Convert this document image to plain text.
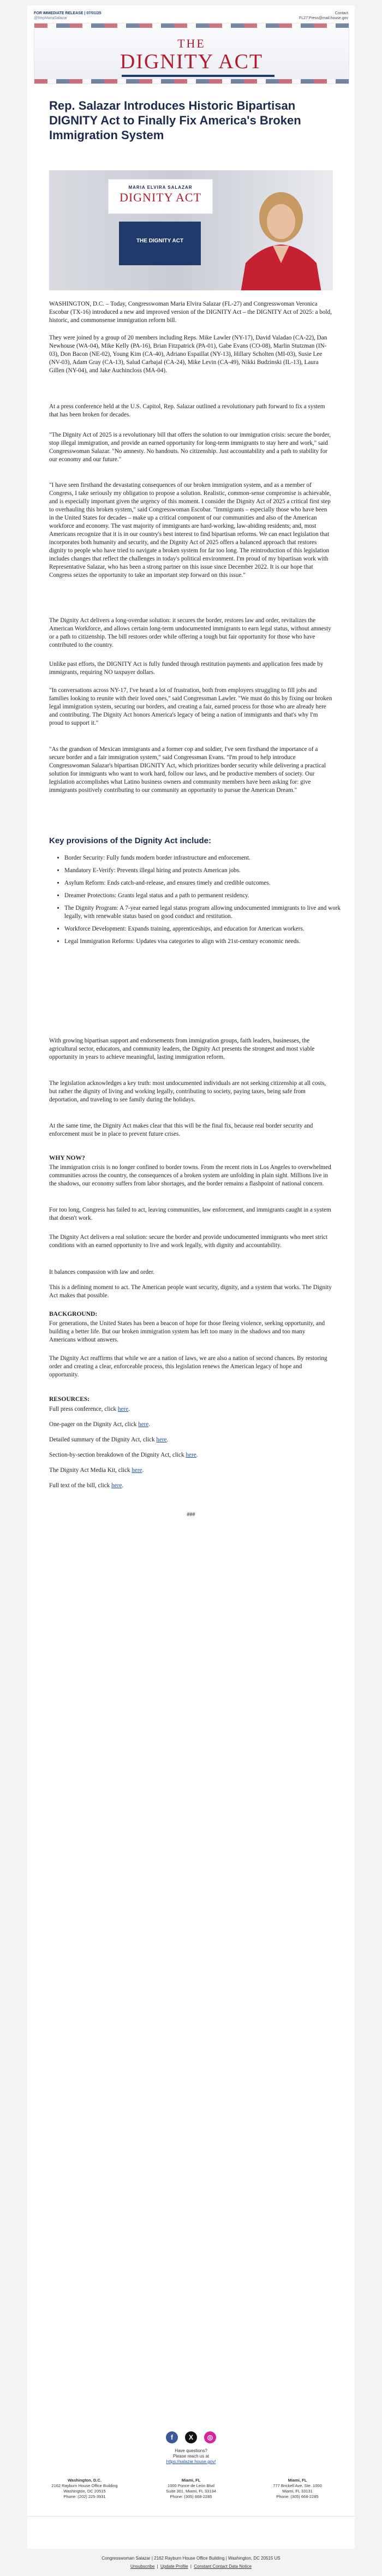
FOR IMMEDIATE RELEASE | 07/01/25
@RepMariaSalazar
Contact
FL27.Press@mail.house.gov
THE
DIGNITY ACT
Rep. Salazar Introduces Historic Bipartisan DIGNITY Act to Finally Fix America's Broken Immigration System
MARIA ELVIRA SALAZAR
DIGNITY ACT
THE DIGNITY ACT

WASHINGTON, D.C. – Today, Congresswoman Maria Elvira Salazar (FL-27) and Congresswoman Veronica Escobar (TX-16) introduced a new and improved version of the DIGNITY Act – the DIGNITY Act of 2025: a bold, historic, and commonsense immigration reform bill.

They were joined by a group of 20 members including Reps. Mike Lawler (NY-17), David Valadao (CA-22), Dan Newhouse (WA-04), Mike Kelly (PA-16), Brian Fitzpatrick (PA-01), Gabe Evans (CO-08), Marlin Stutzman (IN-03), Don Bacon (NE-02), Young Kim (CA-40), Adriano Espaillat (NY-13), Hillary Scholten (MI-03), Susie Lee (NV-03), Adam Gray (CA-13), Salud Carbajal (CA-24), Mike Levin (CA-49), Nikki Budzinski (IL-13), Laura Gillen (NY-04), and Jake Auchincloss (MA-04).

At a press conference held at the U.S. Capitol, Rep. Salazar outlined a revolutionary path forward to fix a system that has been broken for decades.

"The Dignity Act of 2025 is a revolutionary bill that offers the solution to our immigration crisis: secure the border, stop illegal immigration, and provide an earned opportunity for long-term immigrants to stay here and work," said Congresswoman Salazar. "No amnesty. No handouts. No citizenship. Just accountability and a path to stability for our economy and our future."

"I have seen firsthand the devastating consequences of our broken immigration system, and as a member of Congress, I take seriously my obligation to propose a solution. Realistic, common-sense compromise is achievable, and is especially important given the urgency of this moment. I consider the Dignity Act of 2025 a critical first step to overhauling this broken system," said Congresswoman Escobar. "Immigrants – especially those who have been in the United States for decades – make up a critical component of our communities and also of the American workforce and economy. The vast majority of immigrants are hard-working, law-abiding residents; and, most Americans recognize that it is in our country's best interest to find bipartisan reforms. We can enact legislation that incorporates both humanity and security, and the Dignity Act of 2025 offers a balanced approach that restores dignity to people who have tried to navigate a broken system for far too long. The reintroduction of this legislation includes changes that reflect the challenges in today's political environment. I'm proud of my bipartisan work with Representative Salazar, who has been a strong partner on this issue since December 2022. It is our hope that Congress seizes the opportunity to take an important step forward on this issue."

The Dignity Act delivers a long-overdue solution: it secures the border, restores law and order, revitalizes the American Workforce, and allows certain long-term undocumented immigrants to earn legal status, without amnesty or a path to citizenship. The bill restores order while offering a tough but fair opportunity for those who have contributed to the country.

Unlike past efforts, the DIGNITY Act is fully funded through restitution payments and application fees made by immigrants, requiring NO taxpayer dollars.

"In conversations across NY-17, I've heard a lot of frustration, both from employers struggling to fill jobs and families looking to reunite with their loved ones," said Congressman Lawler. "We must do this by fixing our broken legal immigration system, securing our borders, and creating a fair, earned process for those who are already here and contributing. The Dignity Act honors America's legacy of being a nation of immigrants and that's why I'm proud to support it."

"As the grandson of Mexican immigrants and a former cop and soldier, I've seen firsthand the importance of a secure border and a fair immigration system," said Congressman Evans. "I'm proud to help introduce Congresswoman Salazar's bipartisan DIGNITY Act, which prioritizes border security while delivering a practical solution for immigrants who want to work hard, follow our laws, and be productive members of society. Our legislation accomplishes what Latino business owners and community members have been asking for: give immigrants positively contributing to our community an opportunity to pursue the American Dream."

Key provisions of the Dignity Act include:
• Border Security: Fully funds modern border infrastructure and enforcement.
• Mandatory E-Verify: Prevents illegal hiring and protects American jobs.
• Asylum Reform: Ends catch-and-release, and ensures timely and credible outcomes.
• Dreamer Protections: Grants legal status and a path to permanent residency.
• The Dignity Program: A 7-year earned legal status program allowing undocumented immigrants to live and work legally, with renewable status based on good conduct and restitution.
• Workforce Development: Expands training, apprenticeships, and education for American workers.
• Legal Immigration Reforms: Updates visa categories to align with 21st-century economic needs.

With growing bipartisan support and endorsements from immigration groups, faith leaders, businesses, the agricultural sector, educators, and community leaders, the Dignity Act presents the strongest and most viable opportunity in years to achieve meaningful, lasting immigration reform.

The legislation acknowledges a key truth: most undocumented individuals are not seeking citizenship at all costs, but rather the dignity of living and working legally, contributing to society, paying taxes, being safe from deportation, and traveling to see family during the holidays.

At the same time, the Dignity Act makes clear that this will be the final fix, because real border security and enforcement must be in place to prevent future crises.

WHY NOW?

The immigration crisis is no longer confined to border towns. From the recent riots in Los Angeles to overwhelmed communities across the country, the consequences of a broken system are unfolding in plain sight. Millions live in the shadows, our economy suffers from labor shortages, and the border remains a flashpoint of national concern.

For too long, Congress has failed to act, leaving communities, law enforcement, and immigrants caught in a system that doesn't work.

The Dignity Act delivers a real solution: secure the border and provide undocumented immigrants who meet strict conditions with an earned opportunity to live and work legally, with dignity and accountability.

It balances compassion with law and order.

This is a defining moment to act. The American people want security, dignity, and a system that works. The Dignity Act makes that possible.

BACKGROUND:

For generations, the United States has been a beacon of hope for those fleeing violence, seeking opportunity, and building a better life. But our broken immigration system has left too many in the shadows and too many Americans without answers.

The Dignity Act reaffirms that while we are a nation of laws, we are also a nation of second chances. By restoring order and creating a clear, enforceable process, this legislation renews the American legacy of hope and opportunity.

RESOURCES:

Full press conference, click here.

One-pager on the Dignity Act, click here.

Detailed summary of the Dignity Act, click here.

Section-by-section breakdown of the Dignity Act, click here.

The Dignity Act Media Kit, click here.

Full text of the bill, click here.

###
f	X	◎
Have questions?
Please reach us at
https://salazar.house.gov/
Washington, D.C.
2162 Rayburn House Office Building
Washington, DC 20515
Phone: (202) 225-3931
Miami, FL
1000 Ponce de León Blvd
Suite 301, Miami, FL 33134
Phone: (305) 668-2285
Miami, FL
777 Brickell Ave, Ste. 1000
Miami, FL 33131
Phone: (305) 668-2285
Congresswoman Salazar | 2162 Rayburn House Office Building | Washington, DC 20515 US
Unsubscribe | Update Profile | Constant Contact Data Notice
